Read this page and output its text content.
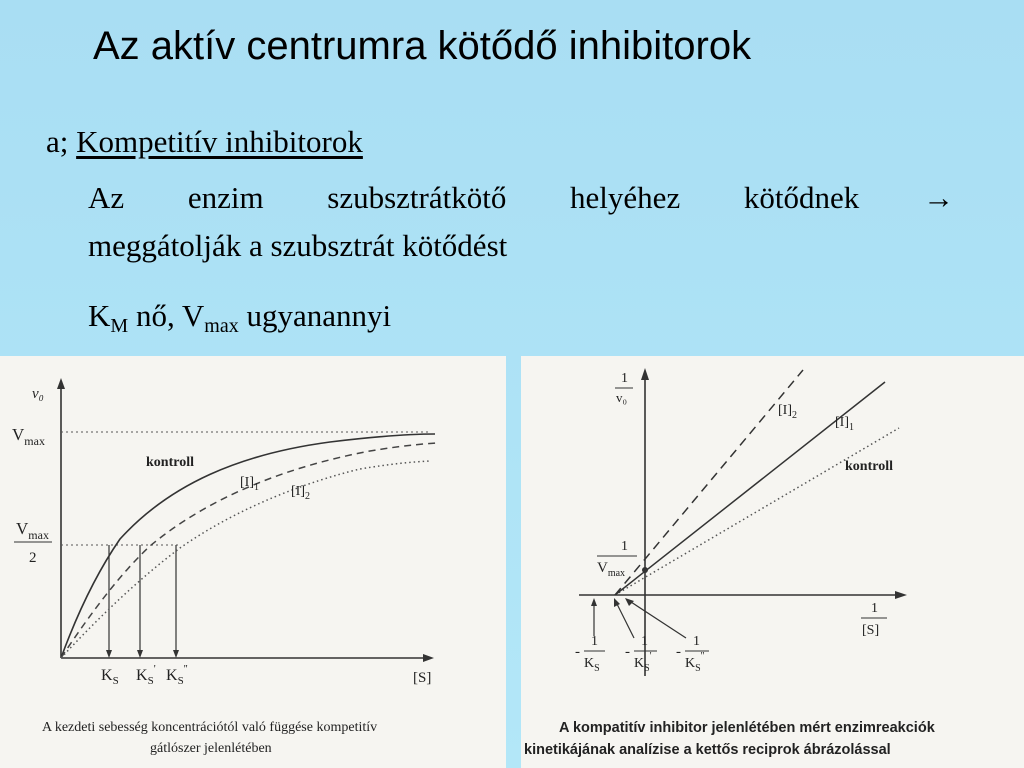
Az aktív centrumra kötődő inhibitorok
a; Kompetitív inhibitorok
Az enzim szubsztrátkötő helyéhez kötődnek →
meggátolják a szubsztrát kötődést
$K_M$ nő, $V_{max}$ ugyanannyi
v₀
$V_{max}$
$V_{max}$
2
[S]
kontroll
$[I]_1$ $[I]_2$
$K_S$ $K_S'$ $K_S''$
A kezdeti sebesség koncentrációtól való függése kompetitív
gátlószer jelenlétében
1
v₀
1
[S]
1
$V_{max}$
$[I]_2$	$[I]_1$
kontroll
-
1
$K_S$
-
1
$K_S'$ -
1
$K_S''$
A kompatitív inhibitor jelenlétében mért enzimreakciók
kinetikájának analízise a kettős reciprok ábrázolással
